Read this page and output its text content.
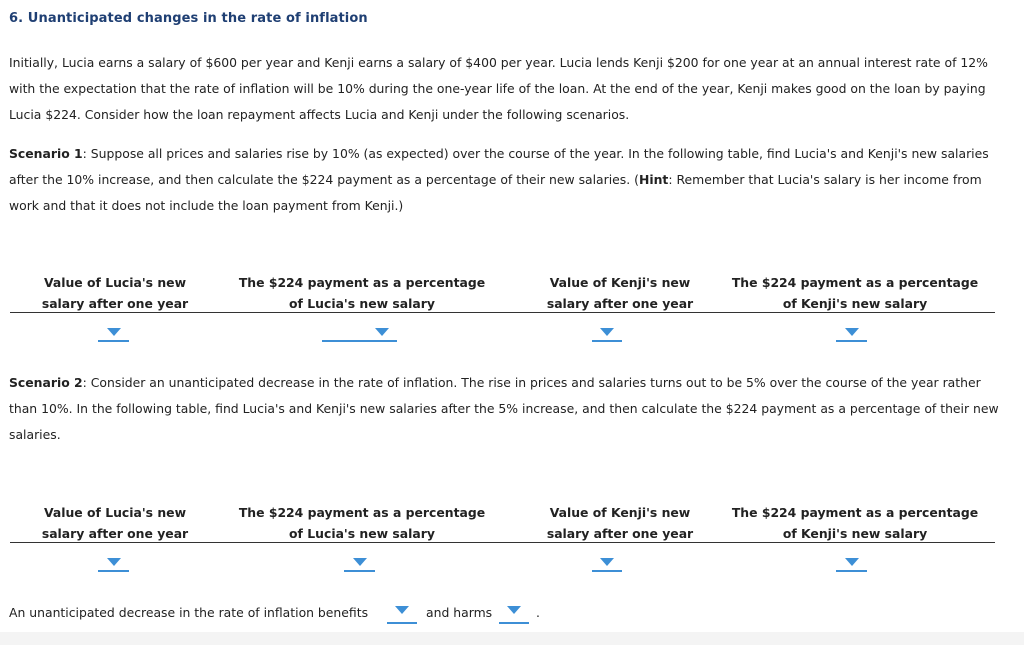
6. Unanticipated changes in the rate of inflation
Initially, Lucia earns a salary of $600 per year and Kenji earns a salary of $400 per year. Lucia lends Kenji $200 for one year at an annual interest rate of 12% with the expectation that the rate of inflation will be 10% during the one-year life of the loan. At the end of the year, Kenji makes good on the loan by paying Lucia $224. Consider how the loan repayment affects Lucia and Kenji under the following scenarios.
Scenario 1: Suppose all prices and salaries rise by 10% (as expected) over the course of the year. In the following table, find Lucia's and Kenji's new salaries after the 10% increase, and then calculate the $224 payment as a percentage of their new salaries. (Hint: Remember that Lucia's salary is her income from work and that it does not include the loan payment from Kenji.)
Value of Lucia's new
salary after one year
The $224 payment as a percentage
of Lucia's new salary
Value of Kenji's new
salary after one year
The $224 payment as a percentage
of Kenji's new salary
Scenario 2: Consider an unanticipated decrease in the rate of inflation. The rise in prices and salaries turns out to be 5% over the course of the year rather than 10%. In the following table, find Lucia's and Kenji's new salaries after the 5% increase, and then calculate the $224 payment as a percentage of their new salaries.
Value of Lucia's new
salary after one year
The $224 payment as a percentage
of Lucia's new salary
Value of Kenji's new
salary after one year
The $224 payment as a percentage
of Kenji's new salary
An unanticipated decrease in the rate of inflation benefits	and harms	.
